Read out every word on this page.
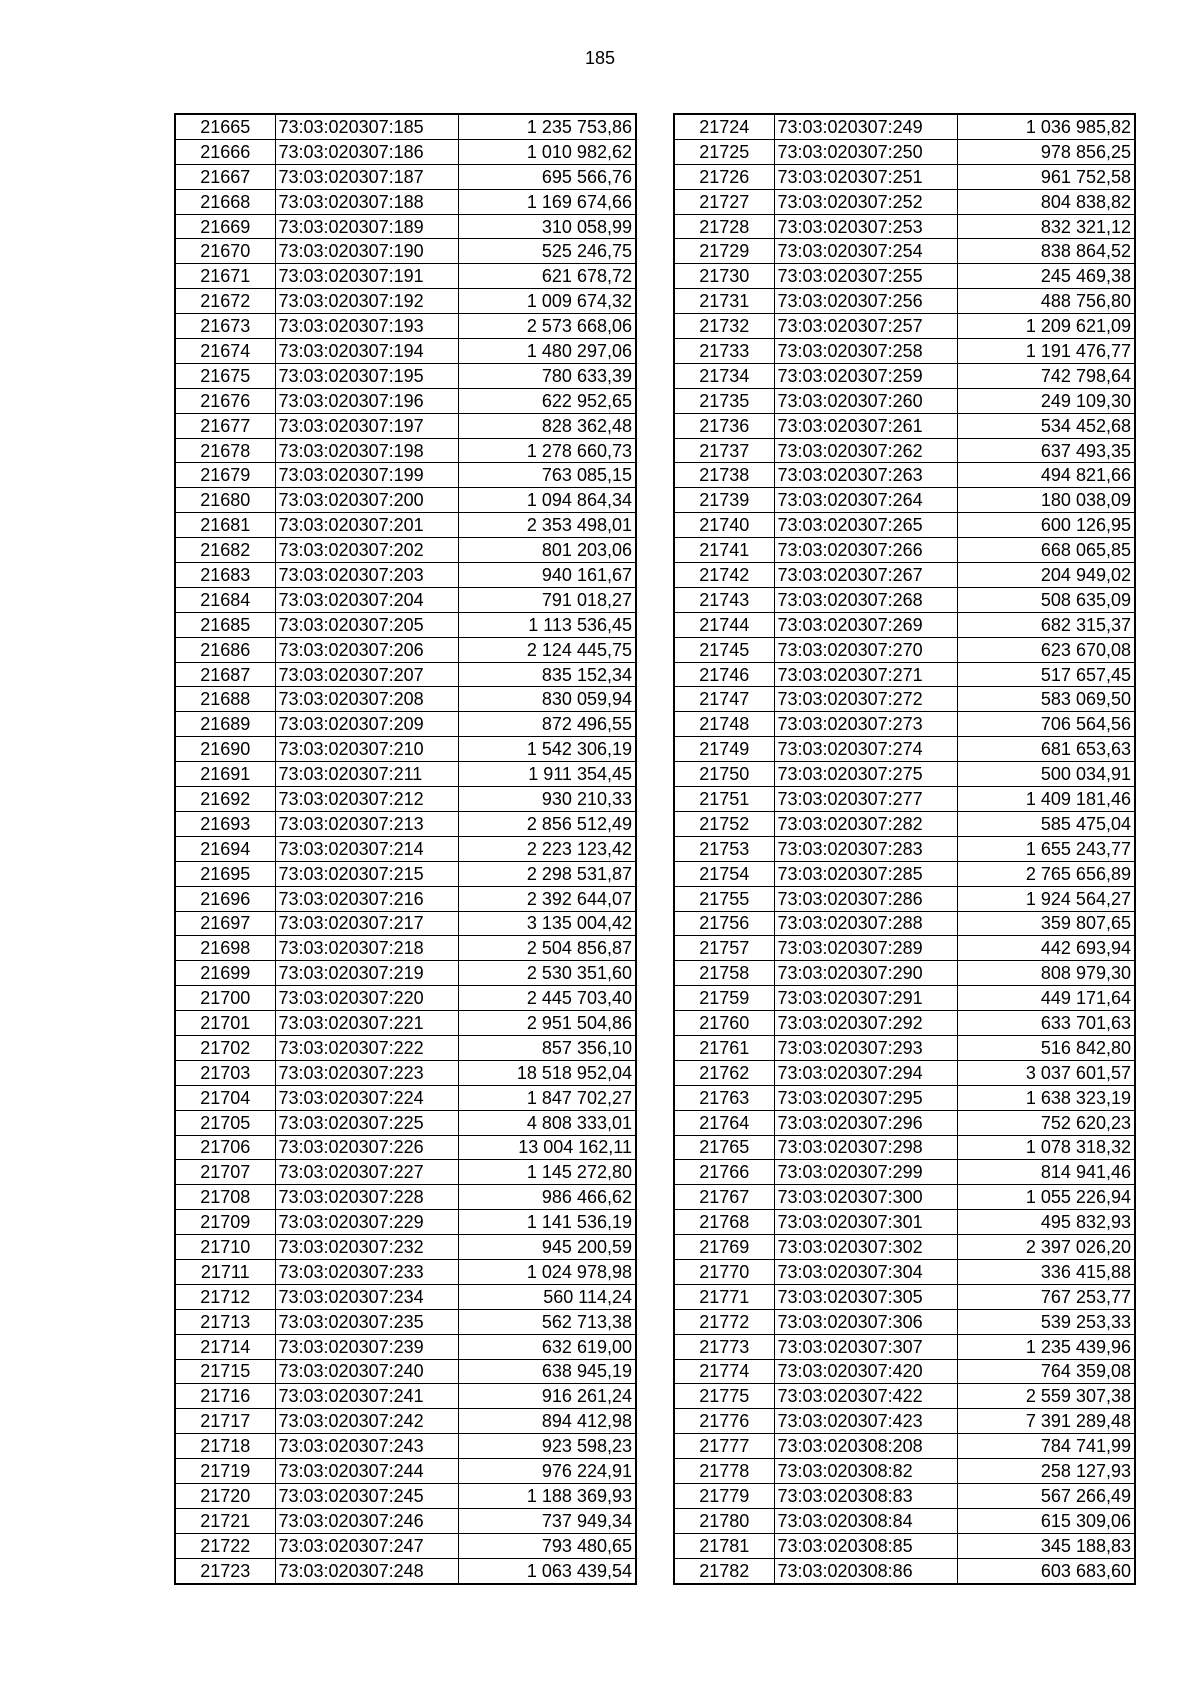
185
21665	73:03:020307:185	1 235 753,86
21666	73:03:020307:186	1 010 982,62
21667	73:03:020307:187	695 566,76
21668	73:03:020307:188	1 169 674,66
21669	73:03:020307:189	310 058,99
21670	73:03:020307:190	525 246,75
21671	73:03:020307:191	621 678,72
21672	73:03:020307:192	1 009 674,32
21673	73:03:020307:193	2 573 668,06
21674	73:03:020307:194	1 480 297,06
21675	73:03:020307:195	780 633,39
21676	73:03:020307:196	622 952,65
21677	73:03:020307:197	828 362,48
21678	73:03:020307:198	1 278 660,73
21679	73:03:020307:199	763 085,15
21680	73:03:020307:200	1 094 864,34
21681	73:03:020307:201	2 353 498,01
21682	73:03:020307:202	801 203,06
21683	73:03:020307:203	940 161,67
21684	73:03:020307:204	791 018,27
21685	73:03:020307:205	1 113 536,45
21686	73:03:020307:206	2 124 445,75
21687	73:03:020307:207	835 152,34
21688	73:03:020307:208	830 059,94
21689	73:03:020307:209	872 496,55
21690	73:03:020307:210	1 542 306,19
21691	73:03:020307:211	1 911 354,45
21692	73:03:020307:212	930 210,33
21693	73:03:020307:213	2 856 512,49
21694	73:03:020307:214	2 223 123,42
21695	73:03:020307:215	2 298 531,87
21696	73:03:020307:216	2 392 644,07
21697	73:03:020307:217	3 135 004,42
21698	73:03:020307:218	2 504 856,87
21699	73:03:020307:219	2 530 351,60
21700	73:03:020307:220	2 445 703,40
21701	73:03:020307:221	2 951 504,86
21702	73:03:020307:222	857 356,10
21703	73:03:020307:223	18 518 952,04
21704	73:03:020307:224	1 847 702,27
21705	73:03:020307:225	4 808 333,01
21706	73:03:020307:226	13 004 162,11
21707	73:03:020307:227	1 145 272,80
21708	73:03:020307:228	986 466,62
21709	73:03:020307:229	1 141 536,19
21710	73:03:020307:232	945 200,59
21711	73:03:020307:233	1 024 978,98
21712	73:03:020307:234	560 114,24
21713	73:03:020307:235	562 713,38
21714	73:03:020307:239	632 619,00
21715	73:03:020307:240	638 945,19
21716	73:03:020307:241	916 261,24
21717	73:03:020307:242	894 412,98
21718	73:03:020307:243	923 598,23
21719	73:03:020307:244	976 224,91
21720	73:03:020307:245	1 188 369,93
21721	73:03:020307:246	737 949,34
21722	73:03:020307:247	793 480,65
21723	73:03:020307:248	1 063 439,54
21724	73:03:020307:249	1 036 985,82
21725	73:03:020307:250	978 856,25
21726	73:03:020307:251	961 752,58
21727	73:03:020307:252	804 838,82
21728	73:03:020307:253	832 321,12
21729	73:03:020307:254	838 864,52
21730	73:03:020307:255	245 469,38
21731	73:03:020307:256	488 756,80
21732	73:03:020307:257	1 209 621,09
21733	73:03:020307:258	1 191 476,77
21734	73:03:020307:259	742 798,64
21735	73:03:020307:260	249 109,30
21736	73:03:020307:261	534 452,68
21737	73:03:020307:262	637 493,35
21738	73:03:020307:263	494 821,66
21739	73:03:020307:264	180 038,09
21740	73:03:020307:265	600 126,95
21741	73:03:020307:266	668 065,85
21742	73:03:020307:267	204 949,02
21743	73:03:020307:268	508 635,09
21744	73:03:020307:269	682 315,37
21745	73:03:020307:270	623 670,08
21746	73:03:020307:271	517 657,45
21747	73:03:020307:272	583 069,50
21748	73:03:020307:273	706 564,56
21749	73:03:020307:274	681 653,63
21750	73:03:020307:275	500 034,91
21751	73:03:020307:277	1 409 181,46
21752	73:03:020307:282	585 475,04
21753	73:03:020307:283	1 655 243,77
21754	73:03:020307:285	2 765 656,89
21755	73:03:020307:286	1 924 564,27
21756	73:03:020307:288	359 807,65
21757	73:03:020307:289	442 693,94
21758	73:03:020307:290	808 979,30
21759	73:03:020307:291	449 171,64
21760	73:03:020307:292	633 701,63
21761	73:03:020307:293	516 842,80
21762	73:03:020307:294	3 037 601,57
21763	73:03:020307:295	1 638 323,19
21764	73:03:020307:296	752 620,23
21765	73:03:020307:298	1 078 318,32
21766	73:03:020307:299	814 941,46
21767	73:03:020307:300	1 055 226,94
21768	73:03:020307:301	495 832,93
21769	73:03:020307:302	2 397 026,20
21770	73:03:020307:304	336 415,88
21771	73:03:020307:305	767 253,77
21772	73:03:020307:306	539 253,33
21773	73:03:020307:307	1 235 439,96
21774	73:03:020307:420	764 359,08
21775	73:03:020307:422	2 559 307,38
21776	73:03:020307:423	7 391 289,48
21777	73:03:020308:208	784 741,99
21778	73:03:020308:82	258 127,93
21779	73:03:020308:83	567 266,49
21780	73:03:020308:84	615 309,06
21781	73:03:020308:85	345 188,83
21782	73:03:020308:86	603 683,60
